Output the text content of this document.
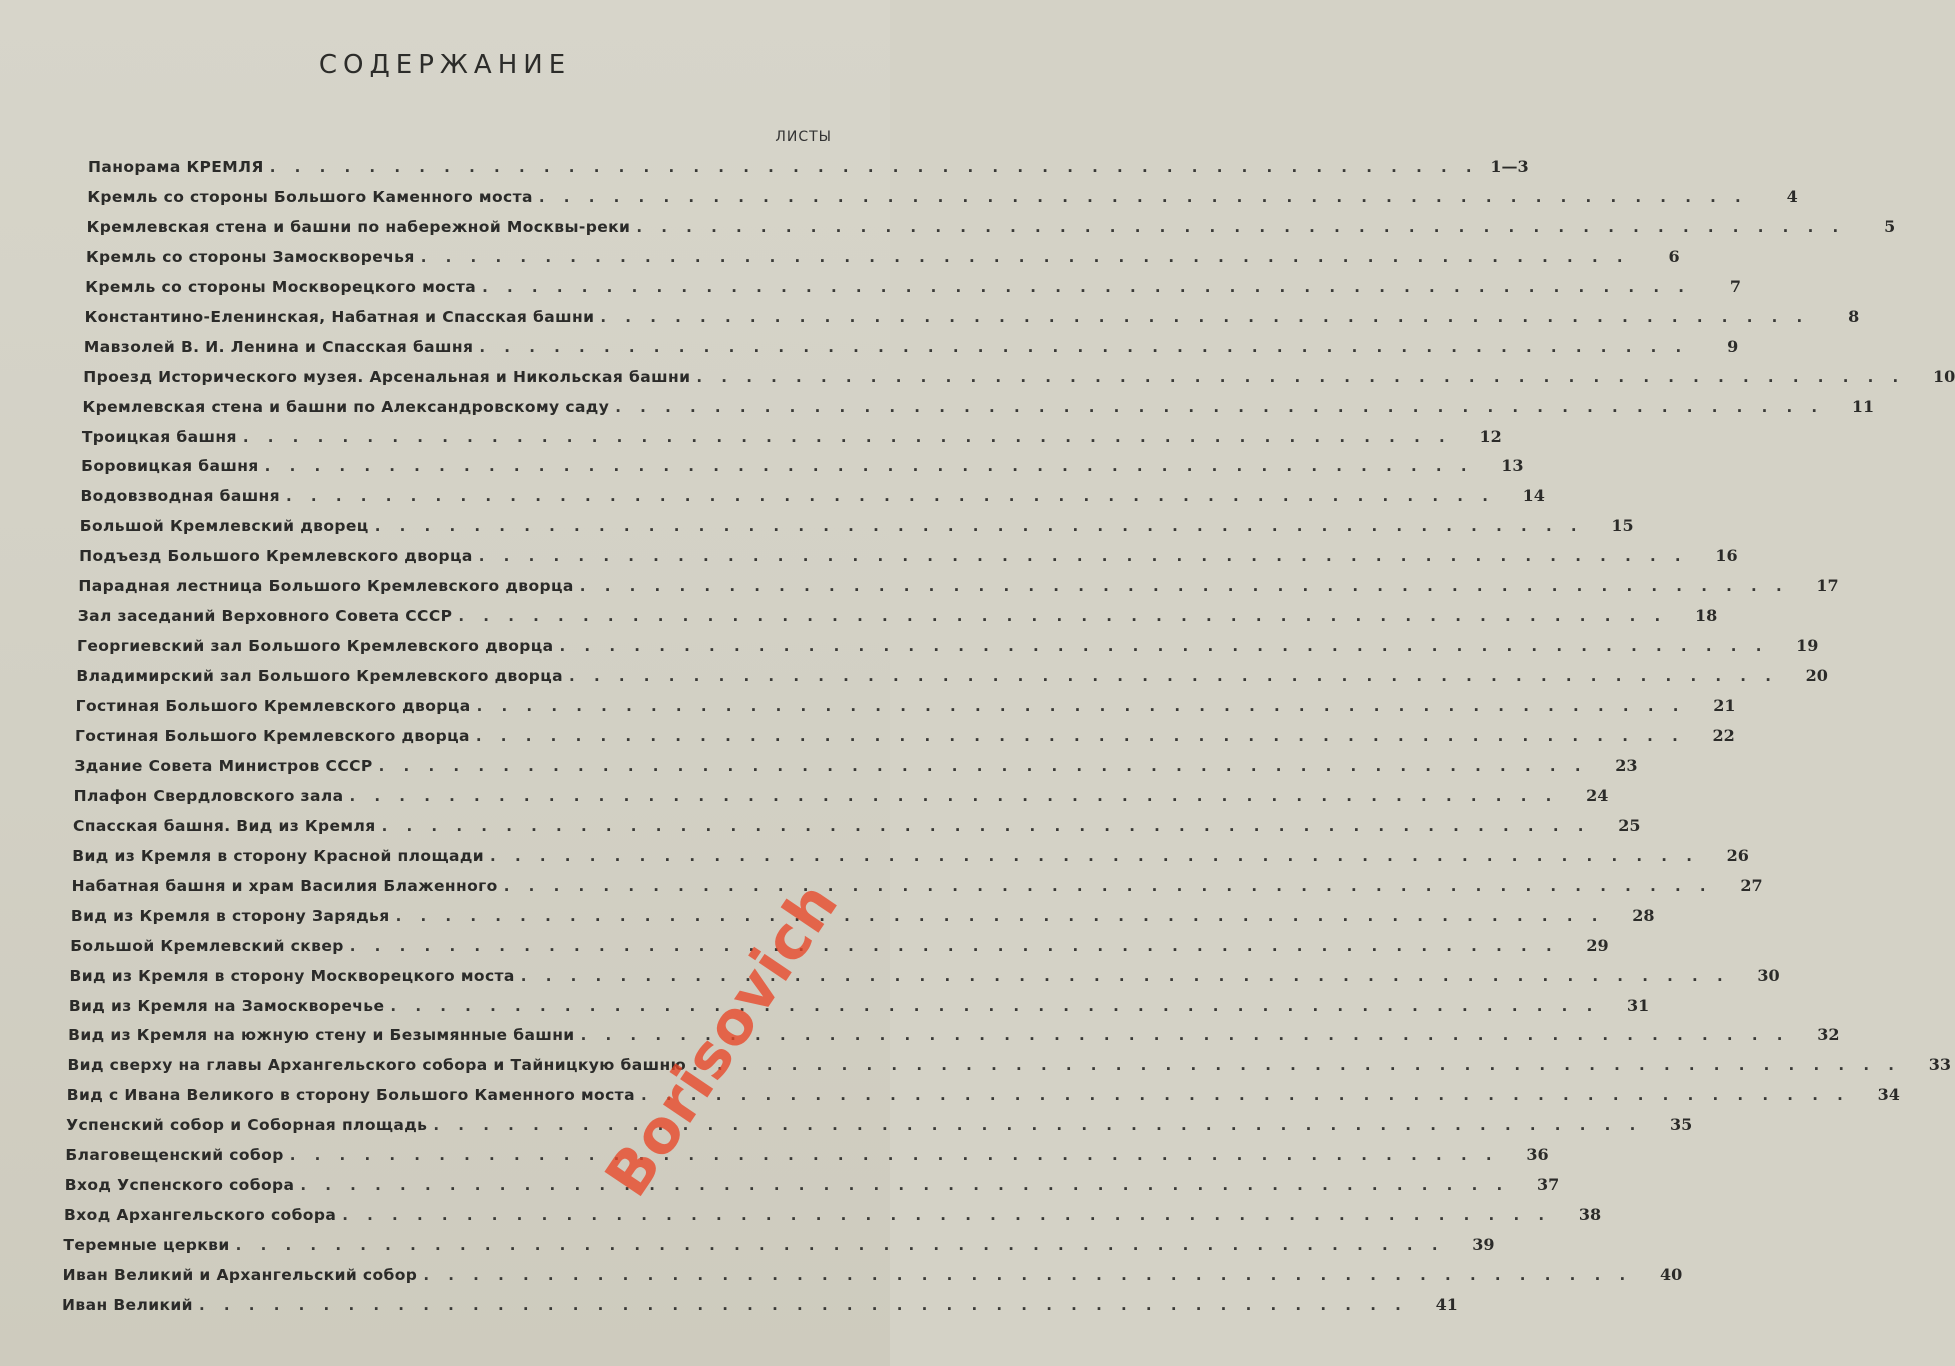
СОДЕРЖАНИЕ
ЛИСТЫ
Панорама КРЕМЛЯ . . . . . . . . . . . . . . . . . . . . . . . . . . . . . . . . . . . . . . . . . . . . . . . . . 1—3
Кремль со стороны Большого Каменного моста . . . . . . . . . . . . . . . . . . . . . . . . . . . . . . . . . . . . . . . . . . . . . . . . .	4
Кремлевская стена и башни по набережной Москвы-реки . . . . . . . . . . . . . . . . . . . . . . . . . . . . . . . . . . . . . . . . . . . . . . . . .	5
Кремль со стороны Замоскворечья . . . . . . . . . . . . . . . . . . . . . . . . . . . . . . . . . . . . . . . . . . . . . . . . .	6
Кремль со стороны Москворецкого моста . . . . . . . . . . . . . . . . . . . . . . . . . . . . . . . . . . . . . . . . . . . . . . . . .	7
Константино-Еленинская, Набатная и Спасская башни . . . . . . . . . . . . . . . . . . . . . . . . . . . . . . . . . . . . . . . . . . . . . . . . .	8
Мавзолей В. И. Ленина и Спасская башня . . . . . . . . . . . . . . . . . . . . . . . . . . . . . . . . . . . . . . . . . . . . . . . . .	9
Проезд Исторического музея. Арсенальная и Никольская башни . . . . . . . . . . . . . . . . . . . . . . . . . . . . . . . . . . . . . . . . . . . . . . . . .	10
Кремлевская стена и башни по Александровскому саду . . . . . . . . . . . . . . . . . . . . . . . . . . . . . . . . . . . . . . . . . . . . . . . . .	11
Троицкая башня . . . . . . . . . . . . . . . . . . . . . . . . . . . . . . . . . . . . . . . . . . . . . . . . .	12
Боровицкая башня . . . . . . . . . . . . . . . . . . . . . . . . . . . . . . . . . . . . . . . . . . . . . . . . .	13
Водовзводная башня . . . . . . . . . . . . . . . . . . . . . . . . . . . . . . . . . . . . . . . . . . . . . . . . .	14
Большой Кремлевский дворец . . . . . . . . . . . . . . . . . . . . . . . . . . . . . . . . . . . . . . . . . . . . . . . . .	15
Подъезд Большого Кремлевского дворца . . . . . . . . . . . . . . . . . . . . . . . . . . . . . . . . . . . . . . . . . . . . . . . . .	16
Парадная лестница Большого Кремлевского дворца . . . . . . . . . . . . . . . . . . . . . . . . . . . . . . . . . . . . . . . . . . . . . . . . .	17
Зал заседаний Верховного Совета СССР . . . . . . . . . . . . . . . . . . . . . . . . . . . . . . . . . . . . . . . . . . . . . . . . .	18
Георгиевский зал Большого Кремлевского дворца . . . . . . . . . . . . . . . . . . . . . . . . . . . . . . . . . . . . . . . . . . . . . . . . .	19
Владимирский зал Большого Кремлевского дворца . . . . . . . . . . . . . . . . . . . . . . . . . . . . . . . . . . . . . . . . . . . . . . . . .	20
Гостиная Большого Кремлевского дворца . . . . . . . . . . . . . . . . . . . . . . . . . . . . . . . . . . . . . . . . . . . . . . . . .	21
Гостиная Большого Кремлевского дворца . . . . . . . . . . . . . . . . . . . . . . . . . . . . . . . . . . . . . . . . . . . . . . . . .	22
Здание Совета Министров СССР . . . . . . . . . . . . . . . . . . . . . . . . . . . . . . . . . . . . . . . . . . . . . . . . .	23
Плафон Свердловского зала . . . . . . . . . . . . . . . . . . . . . . . . . . . . . . . . . . . . . . . . . . . . . . . . .	24
Спасская башня. Вид из Кремля . . . . . . . . . . . . . . . . . . . . . . . . . . . . . . . . . . . . . . . . . . . . . . . . .	25
Вид из Кремля в сторону Красной площади . . . . . . . . . . . . . . . . . . . . . . . . . . . . . . . . . . . . . . . . . . . . . . . . .	26
Набатная башня и храм Василия Блаженного . . . . . . . . . . . . . . . . . . . . . . . . . . . . . . . . . . . . . . . . . . . . . . . . .	27
Вид из Кремля в сторону Зарядья . . . . . . . . . . . . . . . . . . . . . . . . . . . . . . . . . . . . . . . . . . . . . . . . .	28
Большой Кремлевский сквер . . . . . . . . . . . . . . . . . . . . . . . . . . . . . . . . . . . . . . . . . . . . . . . . .	29
Вид из Кремля в сторону Москворецкого моста . . . . . . . . . . . . . . . . . . . . . . . . . . . . . . . . . . . . . . . . . . . . . . . . .	30
Вид из Кремля на Замоскворечье . . . . . . . . . . . . . . . . . . . . . . . . . . . . . . . . . . . . . . . . . . . . . . . . .	31
Вид из Кремля на южную стену и Безымянные башни . . . . . . . . . . . . . . . . . . . . . . . . . . . . . . . . . . . . . . . . . . . . . . . . .	32
Вид сверху на главы Архангельского собора и Тайницкую башню . . . . . . . . . . . . . . . . . . . . . . . . . . . . . . . . . . . . . . . . . . . . . . . . .	33
Вид с Ивана Великого в сторону Большого Каменного моста . . . . . . . . . . . . . . . . . . . . . . . . . . . . . . . . . . . . . . . . . . . . . . . . .	34
Успенский собор и Соборная площадь . . . . . . . . . . . . . . . . . . . . . . . . . . . . . . . . . . . . . . . . . . . . . . . . .	35
Благовещенский собор . . . . . . . . . . . . . . . . . . . . . . . . . . . . . . . . . . . . . . . . . . . . . . . . .	36
Вход Успенского собора . . . . . . . . . . . . . . . . . . . . . . . . . . . . . . . . . . . . . . . . . . . . . . . . .	37
Вход Архангельского собора . . . . . . . . . . . . . . . . . . . . . . . . . . . . . . . . . . . . . . . . . . . . . . . . .	38
Теремные церкви . . . . . . . . . . . . . . . . . . . . . . . . . . . . . . . . . . . . . . . . . . . . . . . . .	39
Иван Великий и Архангельский собор . . . . . . . . . . . . . . . . . . . . . . . . . . . . . . . . . . . . . . . . . . . . . . . . .	40
Иван Великий . . . . . . . . . . . . . . . . . . . . . . . . . . . . . . . . . . . . . . . . . . . . . . . . .	41
Borisovich
